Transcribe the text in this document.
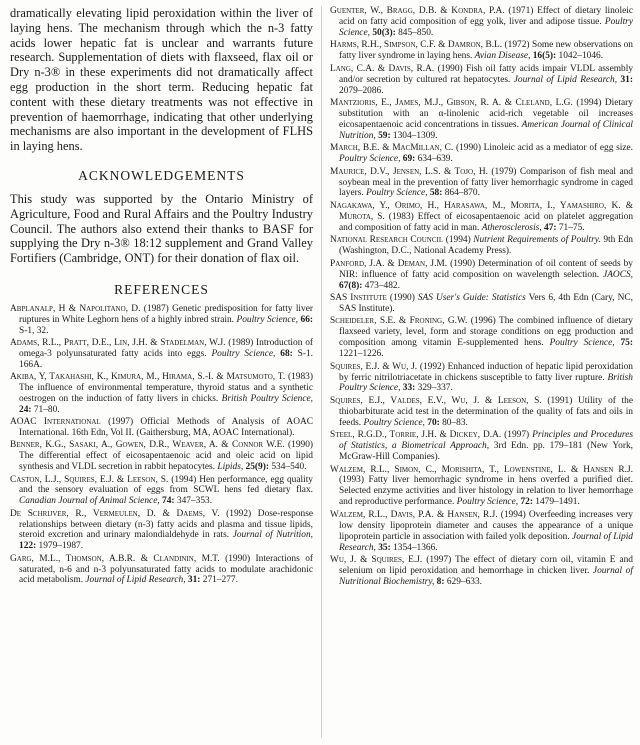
dramatically elevating lipid peroxidation within the liver of laying hens. The mechanism through which the n-3 fatty acids lower hepatic fat is unclear and warrants future research. Supplementation of diets with flaxseed, flax oil or Dry n-3® in these experiments did not dramatically affect egg production in the short term. Reducing hepatic fat content with these dietary treatments was not effective in prevention of haemorrhage, indicating that other underlying mechanisms are also important in the development of FLHS in laying hens.

ACKNOWLEDGEMENTS

This study was supported by the Ontario Ministry of Agriculture, Food and Rural Affairs and the Poultry Industry Council. The authors also extend their thanks to BASF for supplying the Dry n-3® 18:12 supplement and Grand Valley Fortifiers (Cambridge, ONT) for their donation of flax oil.

REFERENCES

Abplanalp, H & Napolitano, D. (1987) Genetic predisposition for fatty liver ruptures in White Leghorn hens of a highly inbred strain. Poultry Science, 66: S-1, 32.

Adams, R.L., Pratt, D.E., Lin, J.H. & Stadelman, W.J. (1989) Introduction of omega-3 polyunsaturated fatty acids into eggs. Poultry Science, 68: S-1. 166A.

Akiba, Y, Takahashi, K., Kimura, M., Hirama, S.-I. & Matsumoto, T. (1983) The influence of environmental temperature, thyroid status and a synthetic oestrogen on the induction of fatty livers in chicks. British Poultry Science, 24: 71–80.

AOAC International (1997) Official Methods of Analysis of AOAC International. 16th Edn, Vol II. (Gaithersburg, MA, AOAC International).

Benner, K.G., Sasaki, A., Gowen, D.R., Weaver, A. & Connor W.E. (1990) The differential effect of eicosapentaenoic acid and oleic acid on lipid synthesis and VLDL secretion in rabbit hepatocytes. Lipids, 25(9): 534–540.

Caston, L.J., Squires, E.J. & Leeson, S. (1994) Hen performance, egg quality and the sensory evaluation of eggs from SCWL hens fed dietary flax. Canadian Journal of Animal Science, 74: 347–353.

De Schrijver, R., Vermeulen, D. & Daems, V. (1992) Dose-response relationships between dietary (n-3) fatty acids and plasma and tissue lipids, steroid excretion and urinary malondialdehyde in rats. Journal of Nutrition, 122: 1979–1987.

Garg, M.L., Thomson, A.B.R. & Clandinin, M.T. (1990) Interactions of saturated, n-6 and n-3 polyunsaturated fatty acids to modulate arachidonic acid metabolism. Journal of Lipid Research, 31: 271–277.

Guenter, W., Bragg, D.B. & Kondra, P.A. (1971) Effect of dietary linoleic acid on fatty acid composition of egg yolk, liver and adipose tissue. Poultry Science, 50(3): 845–850.

Harms, R.H., Simpson, C.F. & Damron, B.L. (1972) Some new observations on fatty liver syndrome in laying hens. Avian Disease, 16(5): 1042–1046.

Lang, C.A. & Davis, R.A. (1990) Fish oil fatty acids impair VLDL assembly and/or secretion by cultured rat hepatocytes. Journal of Lipid Research, 31: 2079–2086.

Mantzioris, E., James, M.J., Gibson, R. A. & Cleland, L.G. (1994) Dietary substitution with an α-linolenic acid-rich vegetable oil increases eicosapentaenoic acid concentrations in tissues. American Journal of Clinical Nutrition, 59: 1304–1309.

March, B.E. & MacMillan, C. (1990) Linoleic acid as a mediator of egg size. Poultry Science, 69: 634–639.

Maurice, D.V., Jensen, L.S. & Tojo, H. (1979) Comparison of fish meal and soybean meal in the prevention of fatty liver hemorrhagic syndrome in caged layers. Poultry Science, 58: 864–870.

Nagakawa, Y., Orimo, H., Harasawa, M., Morita, I., Yamashiro, K. & Murota, S. (1983) Effect of eicosapentaenoic acid on platelet aggregation and composition of fatty acid in man. Atherosclerosis, 47: 71–75.

National Research Council (1994) Nutrient Requirements of Poultry. 9th Edn (Washington, D.C., National Academy Press).

Panford, J.A. & Deman, J.M. (1990) Determination of oil content of seeds by NIR: influence of fatty acid composition on wavelength selection. JAOCS, 67(8): 473–482.

SAS Institute (1990) SAS User's Guide: Statistics Vers 6, 4th Edn (Cary, NC, SAS Institute).

Scheideler, S.E. & Froning, G.W. (1996) The combined influence of dietary flaxseed variety, level, form and storage conditions on egg production and composition among vitamin E-supplemented hens. Poultry Science, 75: 1221–1226.

Squires, E.J. & Wu, J. (1992) Enhanced induction of hepatic lipid peroxidation by ferric nitrilotriacetate in chickens susceptible to fatty liver rupture. British Poultry Science, 33: 329–337.

Squires, E.J., Valdes, E.V., Wu, J. & Leeson, S. (1991) Utility of the thiobarbiturate acid test in the determination of the quality of fats and oils in feeds. Poultry Science, 70: 80–83.

Steel, R.G.D., Torrie, J.H. & Dickey, D.A. (1997) Principles and Procedures of Statistics, a Biometrical Approach, 3rd Edn. pp. 179–181 (New York, McGraw-Hill Companies).

Walzem, R.L., Simon, C., Morishita, T., Lowenstine, L. & Hansen R.J. (1993) Fatty liver hemorrhagic syndrome in hens overfed a purified diet. Selected enzyme activities and liver histology in relation to liver hemorrhage and reproductive performance. Poultry Science, 72: 1479–1491.

Walzem, R.L., Davis, P.A. & Hansen, R.J. (1994) Overfeeding increases very low density lipoprotein diameter and causes the appearance of a unique lipoprotein particle in association with failed yolk deposition. Journal of Lipid Research, 35: 1354–1366.

Wu, J. & Squires, E.J. (1997) The effect of dietary corn oil, vitamin E and selenium on lipid peroxidation and hemorrhage in chicken liver. Journal of Nutritional Biochemistry, 8: 629–633.
